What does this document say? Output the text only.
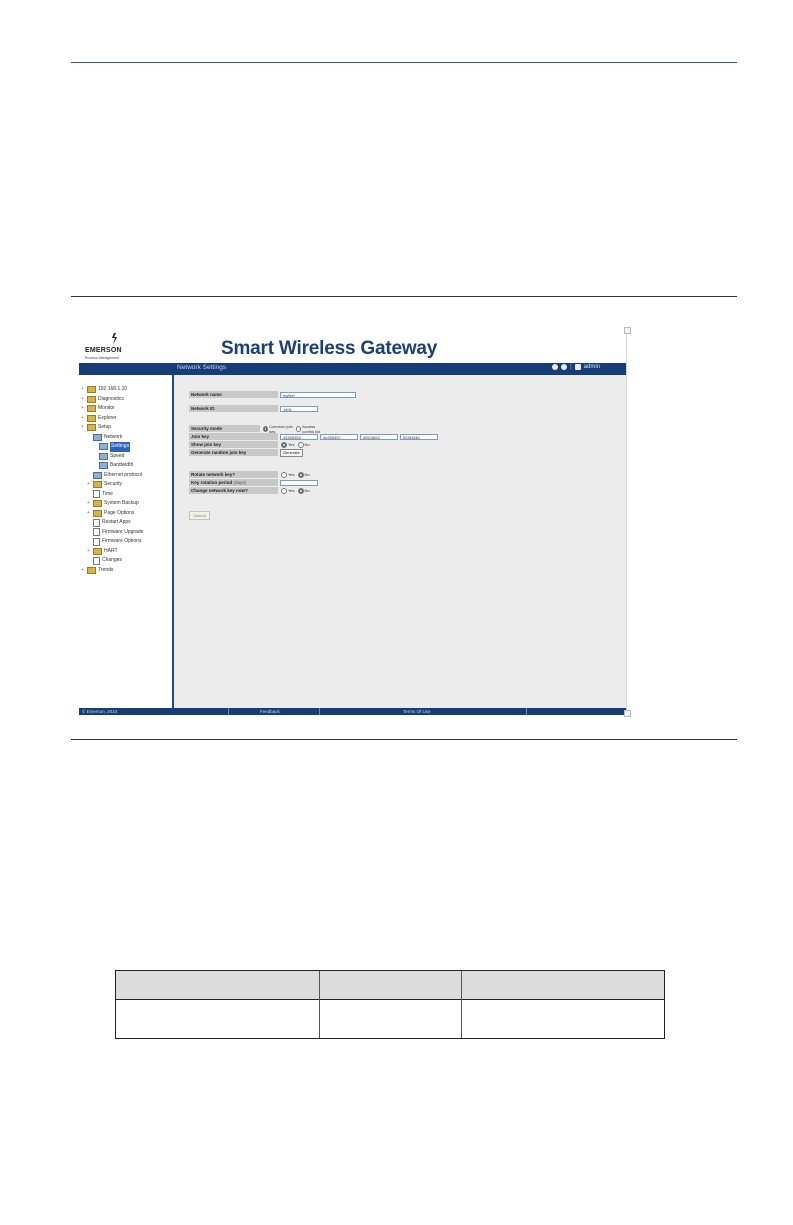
EMERSON
Process Management	Smart Wireless Gateway
Network Settings	| admin
+	192.168.1.10
+	Diagnostics
+	Monitor
+	Explorer
+	Setup
Network
Settings
Speed
Bandwidth
Ethernet protocol
+	Security
Time
+	System Backup
+	Page Options
Restart Apps
Firmware Upgrade
Firmware Options
+	HART
Changes
+	Trends
Network name	myNet
Network ID	1401
Security mode	Common join key
Access control list
Join key	44555354	4e455457	4f524b53	524f434b
Show join key	Yes	No
Generate random join key	Generate
Rotate network key?	Yes	No
Key rotation period (days)
Change network key now?	Yes	No
Submit
© Emerson, 2010	Feedback	Terms Of Use
